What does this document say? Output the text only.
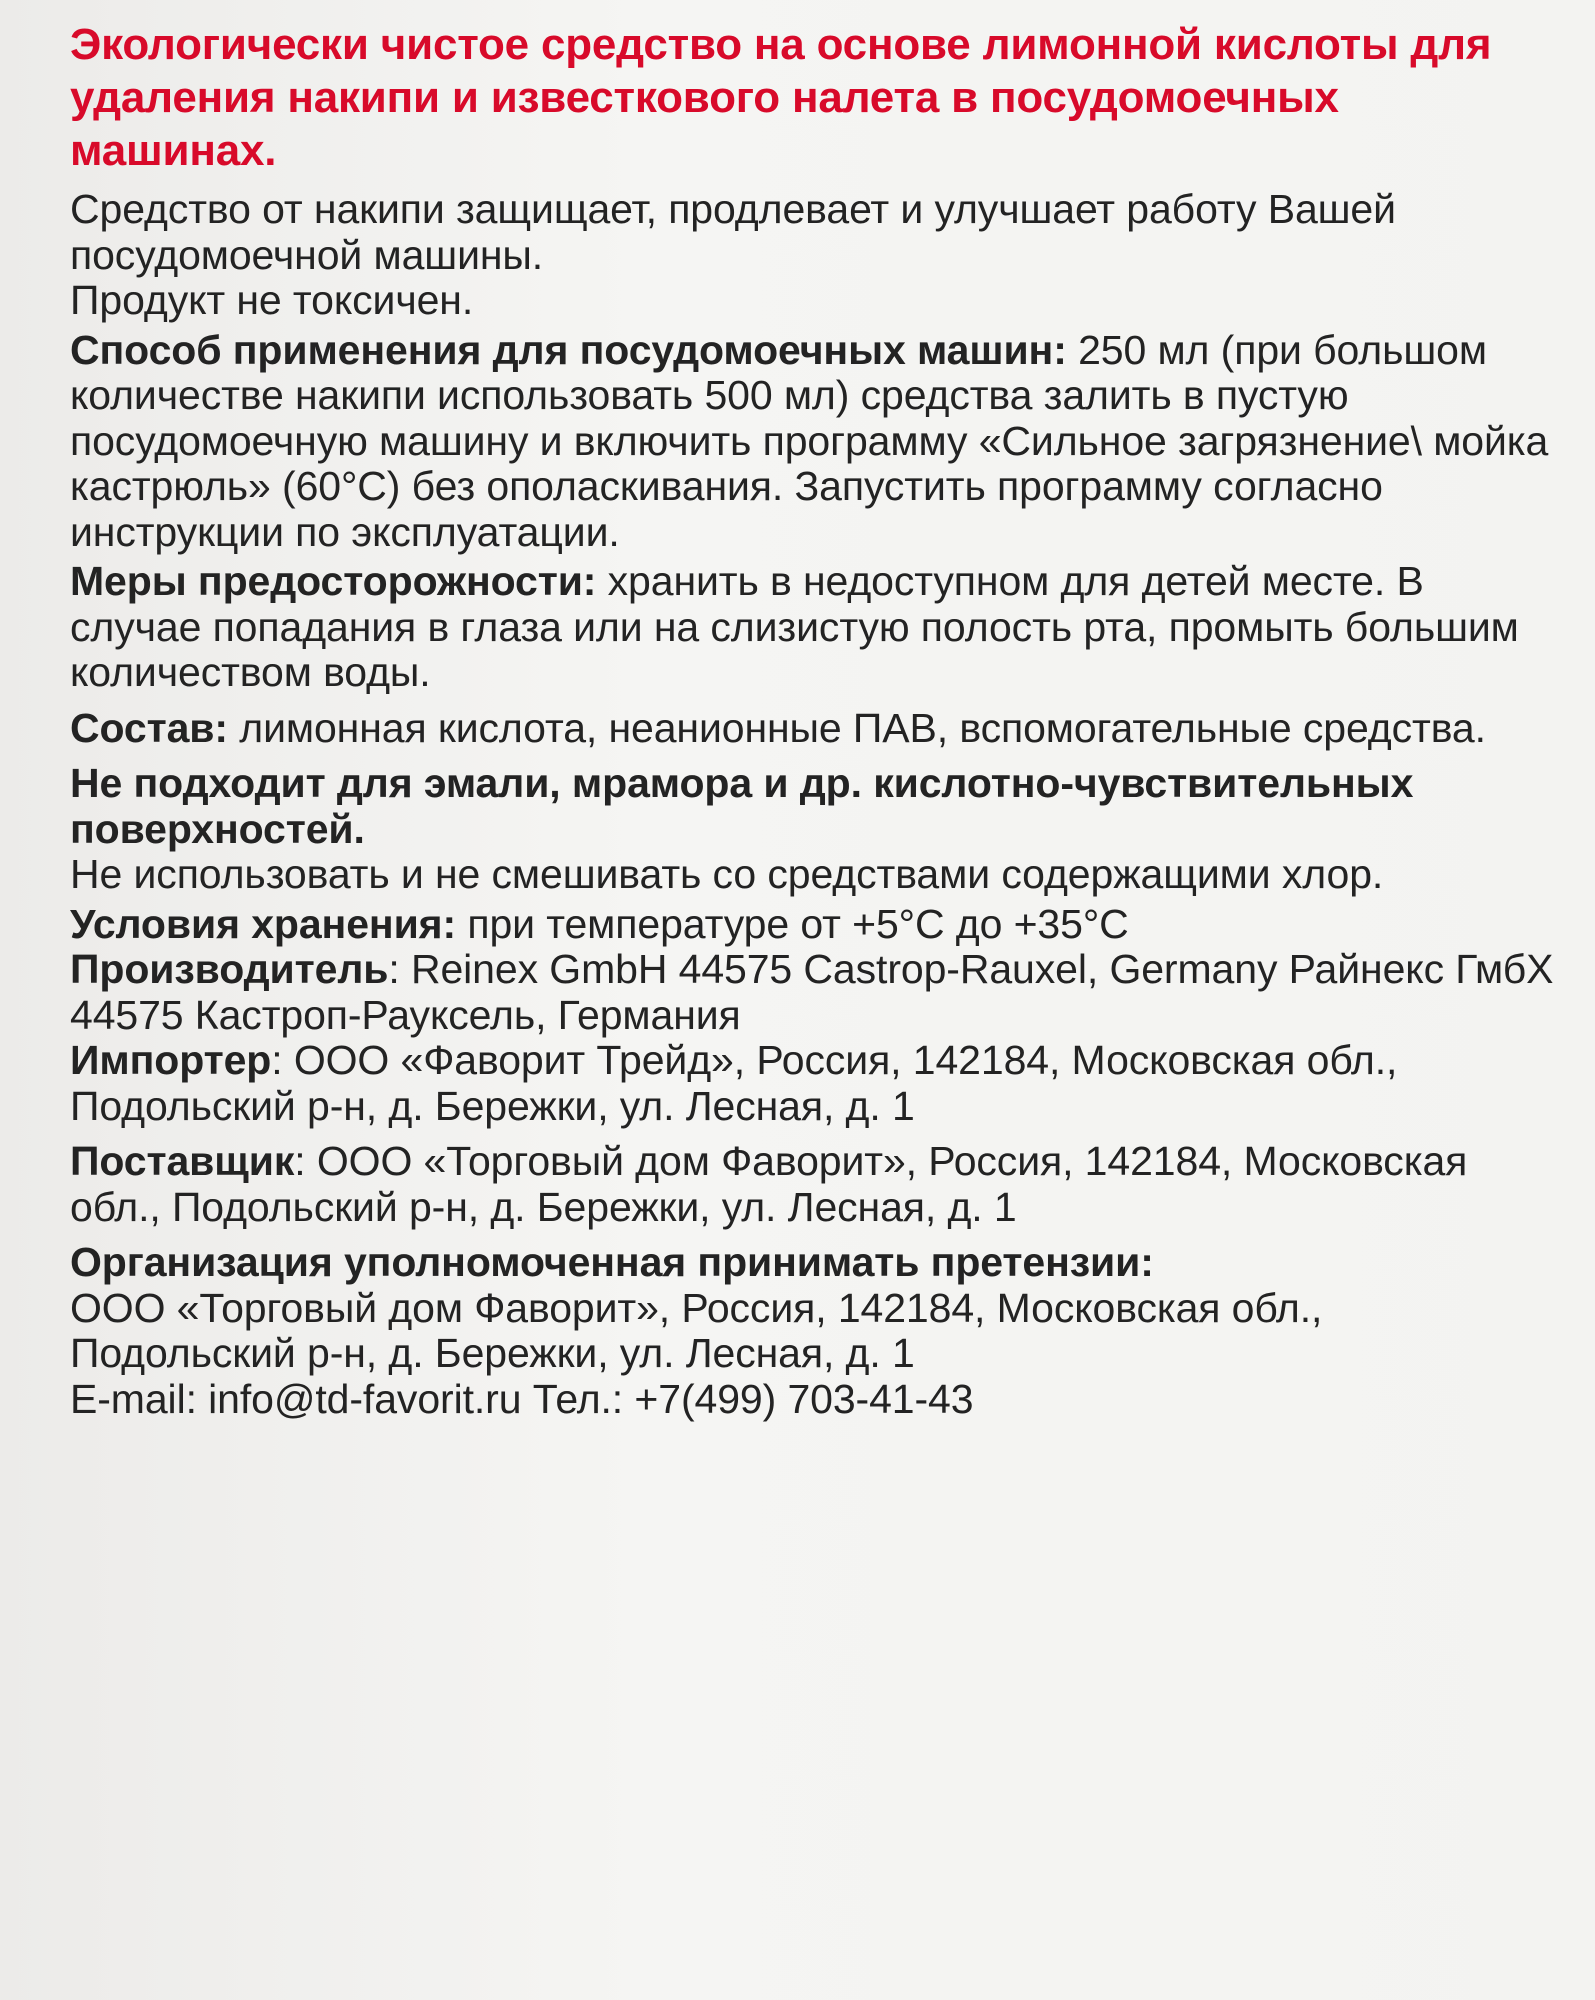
Экологически чистое средство на основе лимонной кислоты для удаления накипи и известкового налета в посудомоечных машинах.

Средство от накипи защищает, продлевает и улучшает работу Вашей посудомоечной машины.
Продукт не токсичен.

Способ применения для посудомоечных машин: 250 мл (при большом количестве накипи использовать 500 мл) средства залить в пустую посудомоечную машину и включить программу «Сильное загрязнение\ мойка кастрюль» (60°С) без ополаскивания. Запустить программу согласно инструкции по эксплуатации.

Меры предосторожности: хранить в недоступном для детей месте. В случае попадания в глаза или на слизистую полость рта, промыть большим количеством воды.

Состав: лимонная кислота, неанионные ПАВ, вспомогательные средства.

Не подходит для эмали, мрамора и др. кислотно-чувствительных поверхностей.
Не использовать и не смешивать со средствами содержащими хлор.

Условия хранения: при температуре от +5°С до +35°С

Производитель: Reinex GmbH 44575 Castrop-Rauxel, Germany Райнекс ГмбХ 44575 Кастроп-Рауксель, Германия

Импортер: ООО «Фаворит Трейд», Россия, 142184, Московская обл., Подольский р-н, д. Бережки, ул. Лесная, д. 1

Поставщик: ООО «Торговый дом Фаворит», Россия, 142184, Московская обл., Подольский р-н, д. Бережки, ул. Лесная, д. 1

Организация уполномоченная принимать претензии:
ООО «Торговый дом Фаворит», Россия, 142184, Московская обл., Подольский р-н, д. Бережки, ул. Лесная, д. 1

E-mail: info@td-favorit.ru Тел.: +7(499) 703-41-43
